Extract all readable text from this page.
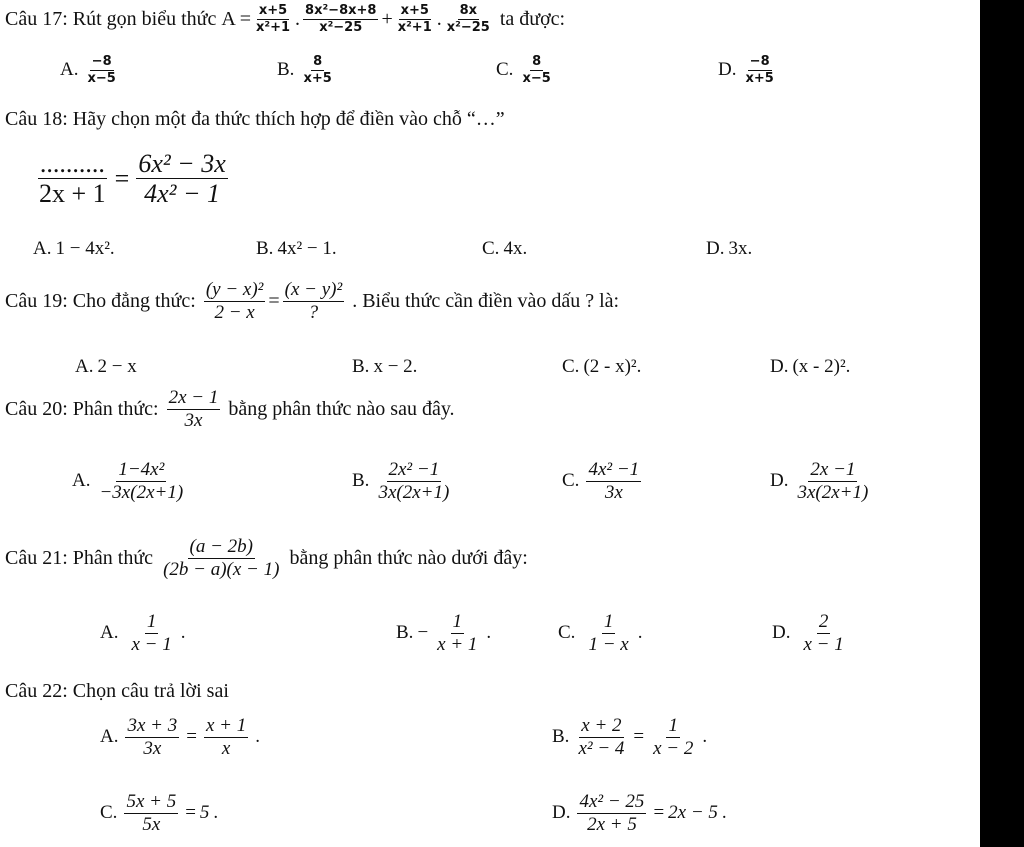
Câu 17:
Rút gọn biểu thức
$A = \frac{x+5}{\text{x²+1}}$ . $\frac{\text{8x²−8x+8}}{\text{x²−25}} + \frac{x+5}{\text{x²+1}}$ . $\frac{8x}{\text{x²−25}}$
ta được:
A. $\frac{-8}{x-5}$	B. $\frac{8}{x+5}$	C. $\frac{8}{x-5}$	D. $\frac{-8}{x+5}$
Câu 18: Hãy chọn một đa thức thích hợp để điền vào chỗ “…”
$\frac{..........}{2x + 1} = \frac{\text{6x² − 3x}}{\text{4x² − 1}}$
A. 1 − 4x².	B. 4x² − 1.	C. 4x.	D. 3x.
Câu 19:
Cho đẳng thức:
$\frac{\text{(y − x)²}}{2 - x} = \frac{\text{(x − y)²}}{?}$
. Biểu thức cần điền vào dấu ? là:
A. 2 − x	B. x − 2.	C. (2 - x)².	D. (x - 2)².
Câu 20:
Phân thức:
$\frac{2x - 1}{3x}$
bằng phân thức nào sau đây.
A. $\frac{\text{1−4x²}}{-3x(2x+1)}$	B. $\frac{\text{2x² −1}}{3x(2x+1)}$	C. $\frac{\text{4x² −1}}{3x}$	D. $\frac{2x -1}{3x(2x+1)}$
Câu 21:
Phân thức
$\frac{(a - 2b)}{(2b - a)(x - 1)}$
bằng phân thức nào dưới đây:
A. $\frac{1}{x - 1}$ .	B. − $\frac{1}{x + 1}$ .	C. $\frac{1}{1 - x}$ .	D. $\frac{2}{x - 1}$
Câu 22: Chọn câu trả lời sai
A. $\frac{3x + 3}{3x} = \frac{x + 1}{x}$ .	B. $\frac{x + 2}{\text{x² − 4}} = \frac{1}{x - 2}$ .
C. $\frac{5x + 5}{5x} = 5$ .	D. $\frac{\text{4x² − 25}}{2x + 5} = 2x - 5$ .
